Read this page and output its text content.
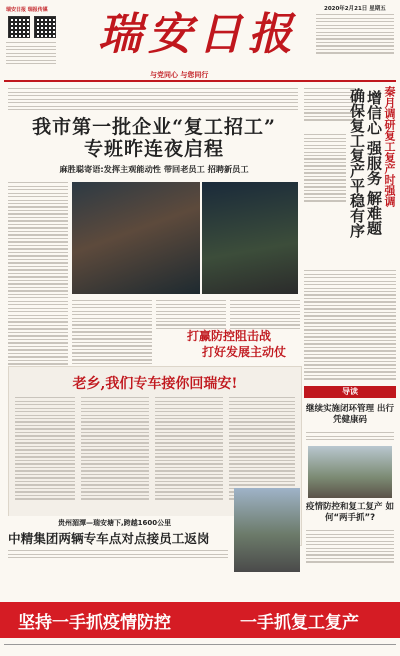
瑞安日报 瑞报传媒 瑞安日报
与党同心 与您同行
2020年2月21日 星期五
我市第一批企业“复工招工”
专班昨连夜启程
麻胜聪寄语:发挥主观能动性 带回老员工 招聘新员工
打赢防控阻击战
打好发展主动仗
秦月调研复工复产时强调
增信心 强服务 解难题
确保复工复产平稳有序
老乡,我们专车接你回瑞安!
贵州湄潭—瑞安塘下,跨越1600公里
中精集团两辆专车点对点接员工返岗
导读
继续实施闭环管理 出行凭健康码
疫情防控和复工复产 如何“两手抓”?
坚持一手抓疫情防控	一手抓复工复产
